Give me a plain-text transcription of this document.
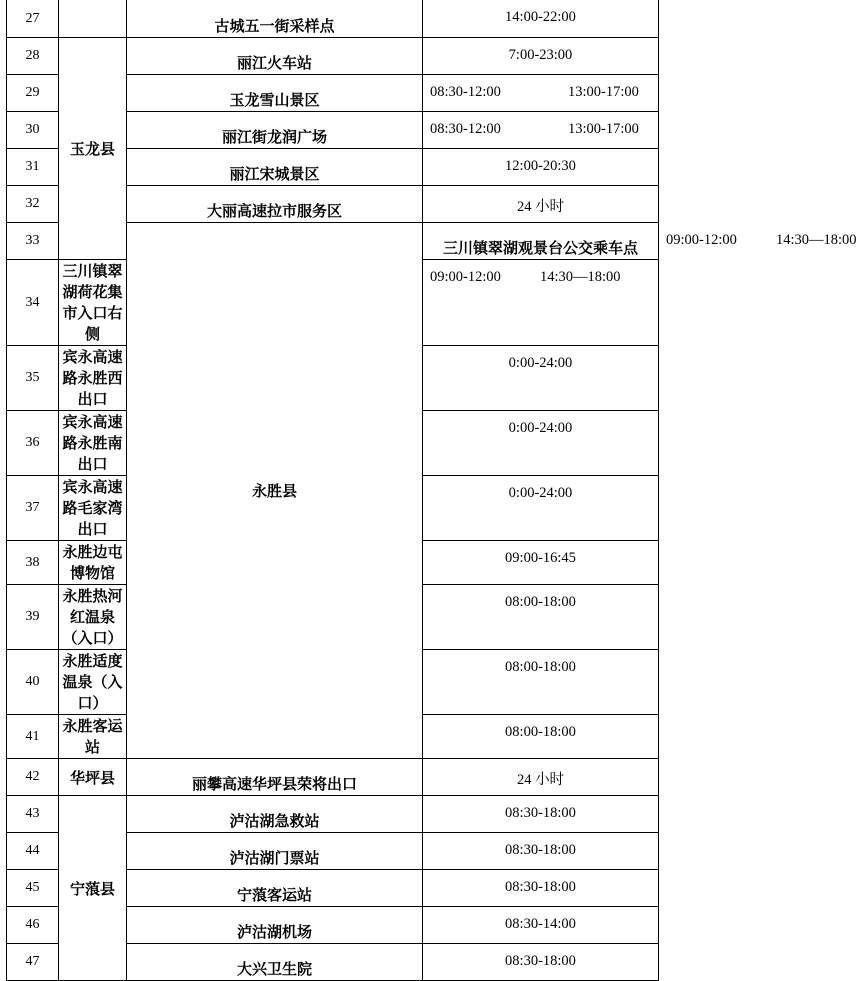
27		古城五一街采样点	14:00-22:00	
28	玉龙县	丽江火车站	7:00-23:00	
29		玉龙雪山景区	08:30-12:00 13:00-17:00	

30		丽江街龙润广场	08:30-12:00 13:00-17:00	

31		丽江宋城景区	12:00-20:30	
32		大丽高速拉市服务区	24 小时	
33		永胜县	三川镇翠湖观景台公交乘车点	09:00-12:00 14:30—18:00

34	三川镇翠湖荷花集市入口右侧		09:00-12:00 14:30—18:00	

35	宾永高速路永胜西出口		0:00-24:00	
36	宾永高速路永胜南出口		0:00-24:00	
37	宾永高速路毛家湾出口		0:00-24:00	
38	永胜边屯博物馆		09:00-16:45	
39	永胜热河红温泉（入口）		08:00-18:00	
40	永胜适度温泉（入口）		08:00-18:00	
41	永胜客运站		08:00-18:00	
42	华坪县	丽攀高速华坪县荣将出口	24 小时	
43	宁蒗县	泸沽湖急救站	08:30-18:00	
44		泸沽湖门票站	08:30-18:00	
45		宁蒗客运站	08:30-18:00	
46		泸沽湖机场	08:30-14:00	
47		大兴卫生院	08:30-18:00	
